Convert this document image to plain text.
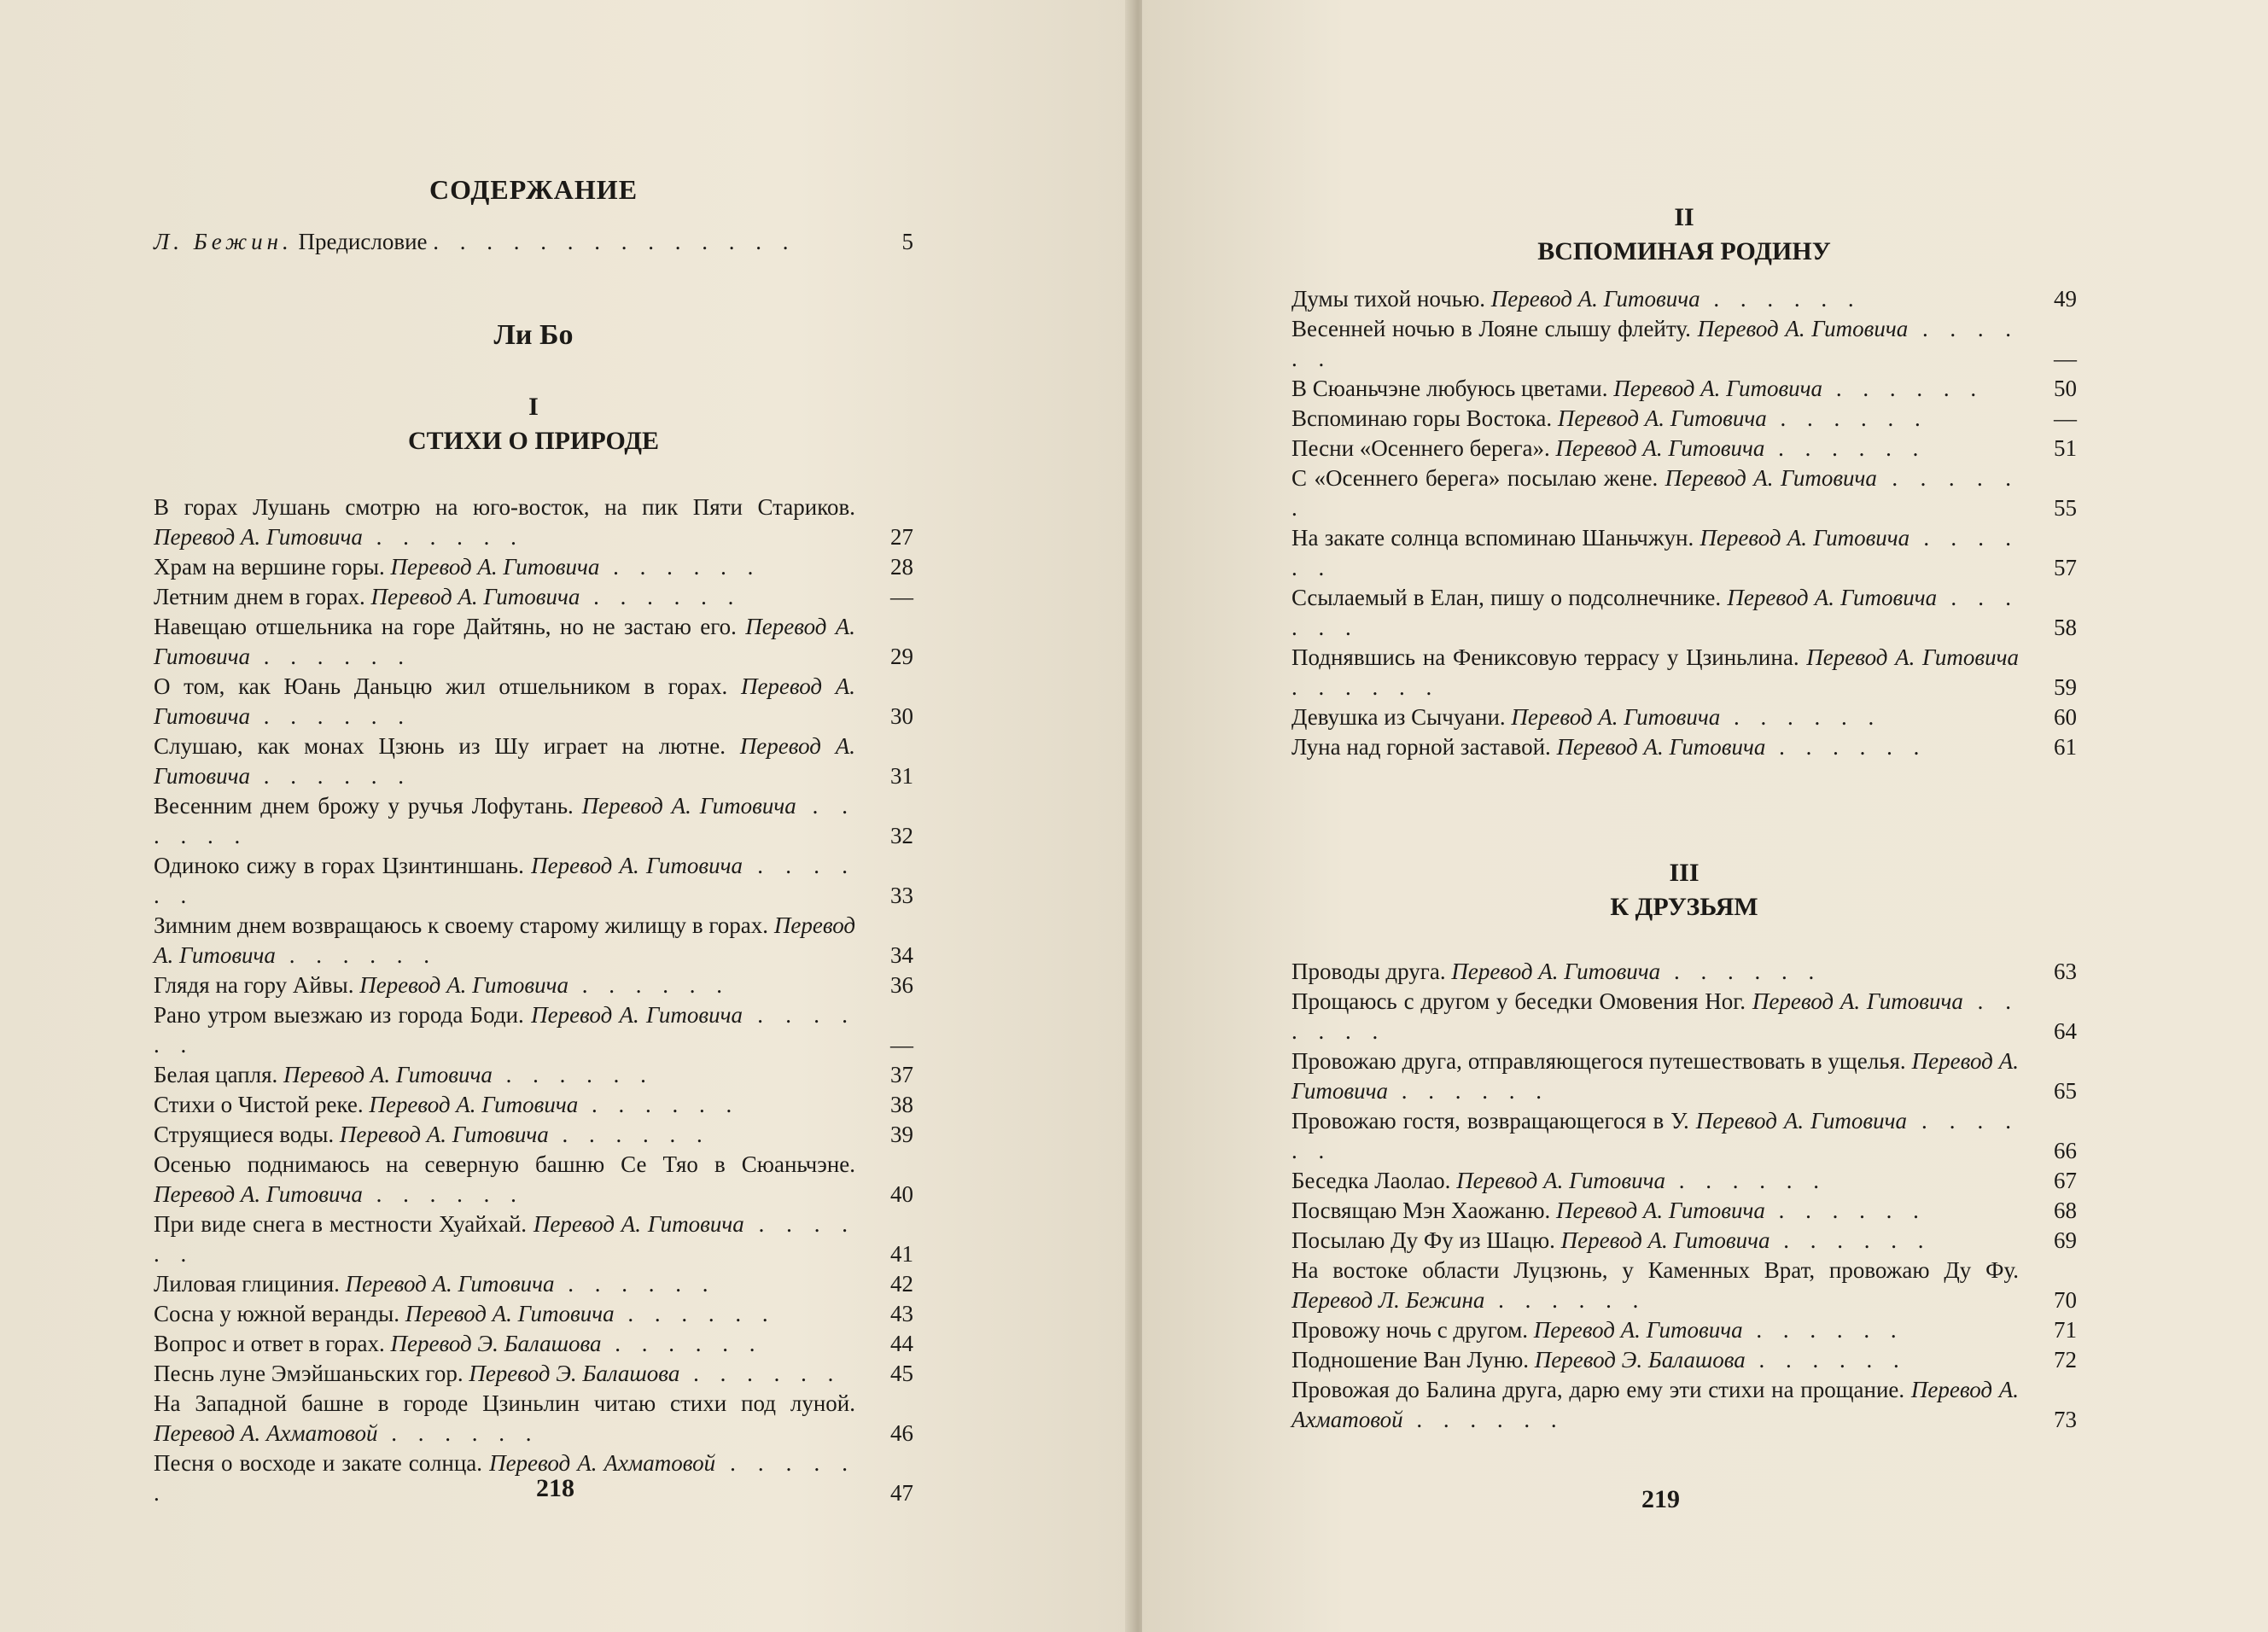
СОДЕРЖАНИЕ
Л. Бежин. Предисловие . . . . . . . . . . . . . .	5
Ли Бо
I
СТИХИ О ПРИРОДЕ
В горах Лушань смотрю на юго-восток, на пик Пяти Стариков. Перевод А. Гитовича . . . . . .	27
Храм на вершине горы. Перевод А. Гитовича . . . . . .	28
Летним днем в горах. Перевод А. Гитовича . . . . . .	—
Навещаю отшельника на горе Дайтянь, но не застаю его. Перевод А. Гитовича . . . . . .	29
О том, как Юань Даньцю жил отшельником в горах. Перевод А. Гитовича . . . . . .	30
Слушаю, как монах Цзюнь из Шу играет на лютне. Перевод А. Гитовича . . . . . .	31
Весенним днем брожу у ручья Лофутань. Перевод А. Гитовича . . . . . .	32
Одиноко сижу в горах Цзинтиншань. Перевод А. Гитовича . . . . . .	33
Зимним днем возвращаюсь к своему старому жилищу в горах. Перевод А. Гитовича . . . . . .	34
Глядя на гору Айвы. Перевод А. Гитовича . . . . . .	36
Рано утром выезжаю из города Боди. Перевод А. Гитовича . . . . . .	—
Белая цапля. Перевод А. Гитовича . . . . . .	37
Стихи о Чистой реке. Перевод А. Гитовича . . . . . .	38
Струящиеся воды. Перевод А. Гитовича . . . . . .	39
Осенью поднимаюсь на северную башню Се Тяо в Сюаньчэне. Перевод А. Гитовича . . . . . .	40
При виде снега в местности Хуайхай. Перевод А. Гитовича . . . . . .	41
Лиловая глициния. Перевод А. Гитовича . . . . . .	42
Сосна у южной веранды. Перевод А. Гитовича . . . . . .	43
Вопрос и ответ в горах. Перевод Э. Балашова . . . . . .	44
Песнь луне Эмэйшаньских гор. Перевод Э. Балашова . . . . . .	45
На Западной башне в городе Цзиньлин читаю стихи под луной. Перевод А. Ахматовой . . . . . .	46
Песня о восходе и закате солнца. Перевод А. Ахматовой . . . . . .	47
218
II
ВСПОМИНАЯ РОДИНУ
Думы тихой ночью. Перевод А. Гитовича . . . . . .	49
Весенней ночью в Лояне слышу флейту. Перевод А. Гитовича . . . . . .	—
В Сюаньчэне любуюсь цветами. Перевод А. Гитовича . . . . . .	50
Вспоминаю горы Востока. Перевод А. Гитовича . . . . . .	—
Песни «Осеннего берега». Перевод А. Гитовича . . . . . .	51
С «Осеннего берега» посылаю жене. Перевод А. Гитовича . . . . . .	55
На закате солнца вспоминаю Шаньчжун. Перевод А. Гитовича . . . . . .	57
Ссылаемый в Елан, пишу о подсолнечнике. Перевод А. Гитовича . . . . . .	58
Поднявшись на Фениксовую террасу у Цзиньлина. Перевод А. Гитовича . . . . . .	59
Девушка из Сычуани. Перевод А. Гитовича . . . . . .	60
Луна над горной заставой. Перевод А. Гитовича . . . . . .	61
III
К ДРУЗЬЯМ
Проводы друга. Перевод А. Гитовича . . . . . .	63
Прощаюсь с другом у беседки Омовения Ног. Перевод А. Гитовича . . . . . .	64
Провожаю друга, отправляющегося путешествовать в ущелья. Перевод А. Гитовича . . . . . .	65
Провожаю гостя, возвращающегося в У. Перевод А. Гитовича . . . . . .	66
Беседка Лаолао. Перевод А. Гитовича . . . . . .	67
Посвящаю Мэн Хаожаню. Перевод А. Гитовича . . . . . .	68
Посылаю Ду Фу из Шацю. Перевод А. Гитовича . . . . . .	69
На востоке области Луцзюнь, у Каменных Врат, провожаю Ду Фу. Перевод Л. Бежина . . . . . .	70
Провожу ночь с другом. Перевод А. Гитовича . . . . . .	71
Подношение Ван Луню. Перевод Э. Балашова . . . . . .	72
Провожая до Балина друга, дарю ему эти стихи на прощание. Перевод А. Ахматовой . . . . . .	73
219
